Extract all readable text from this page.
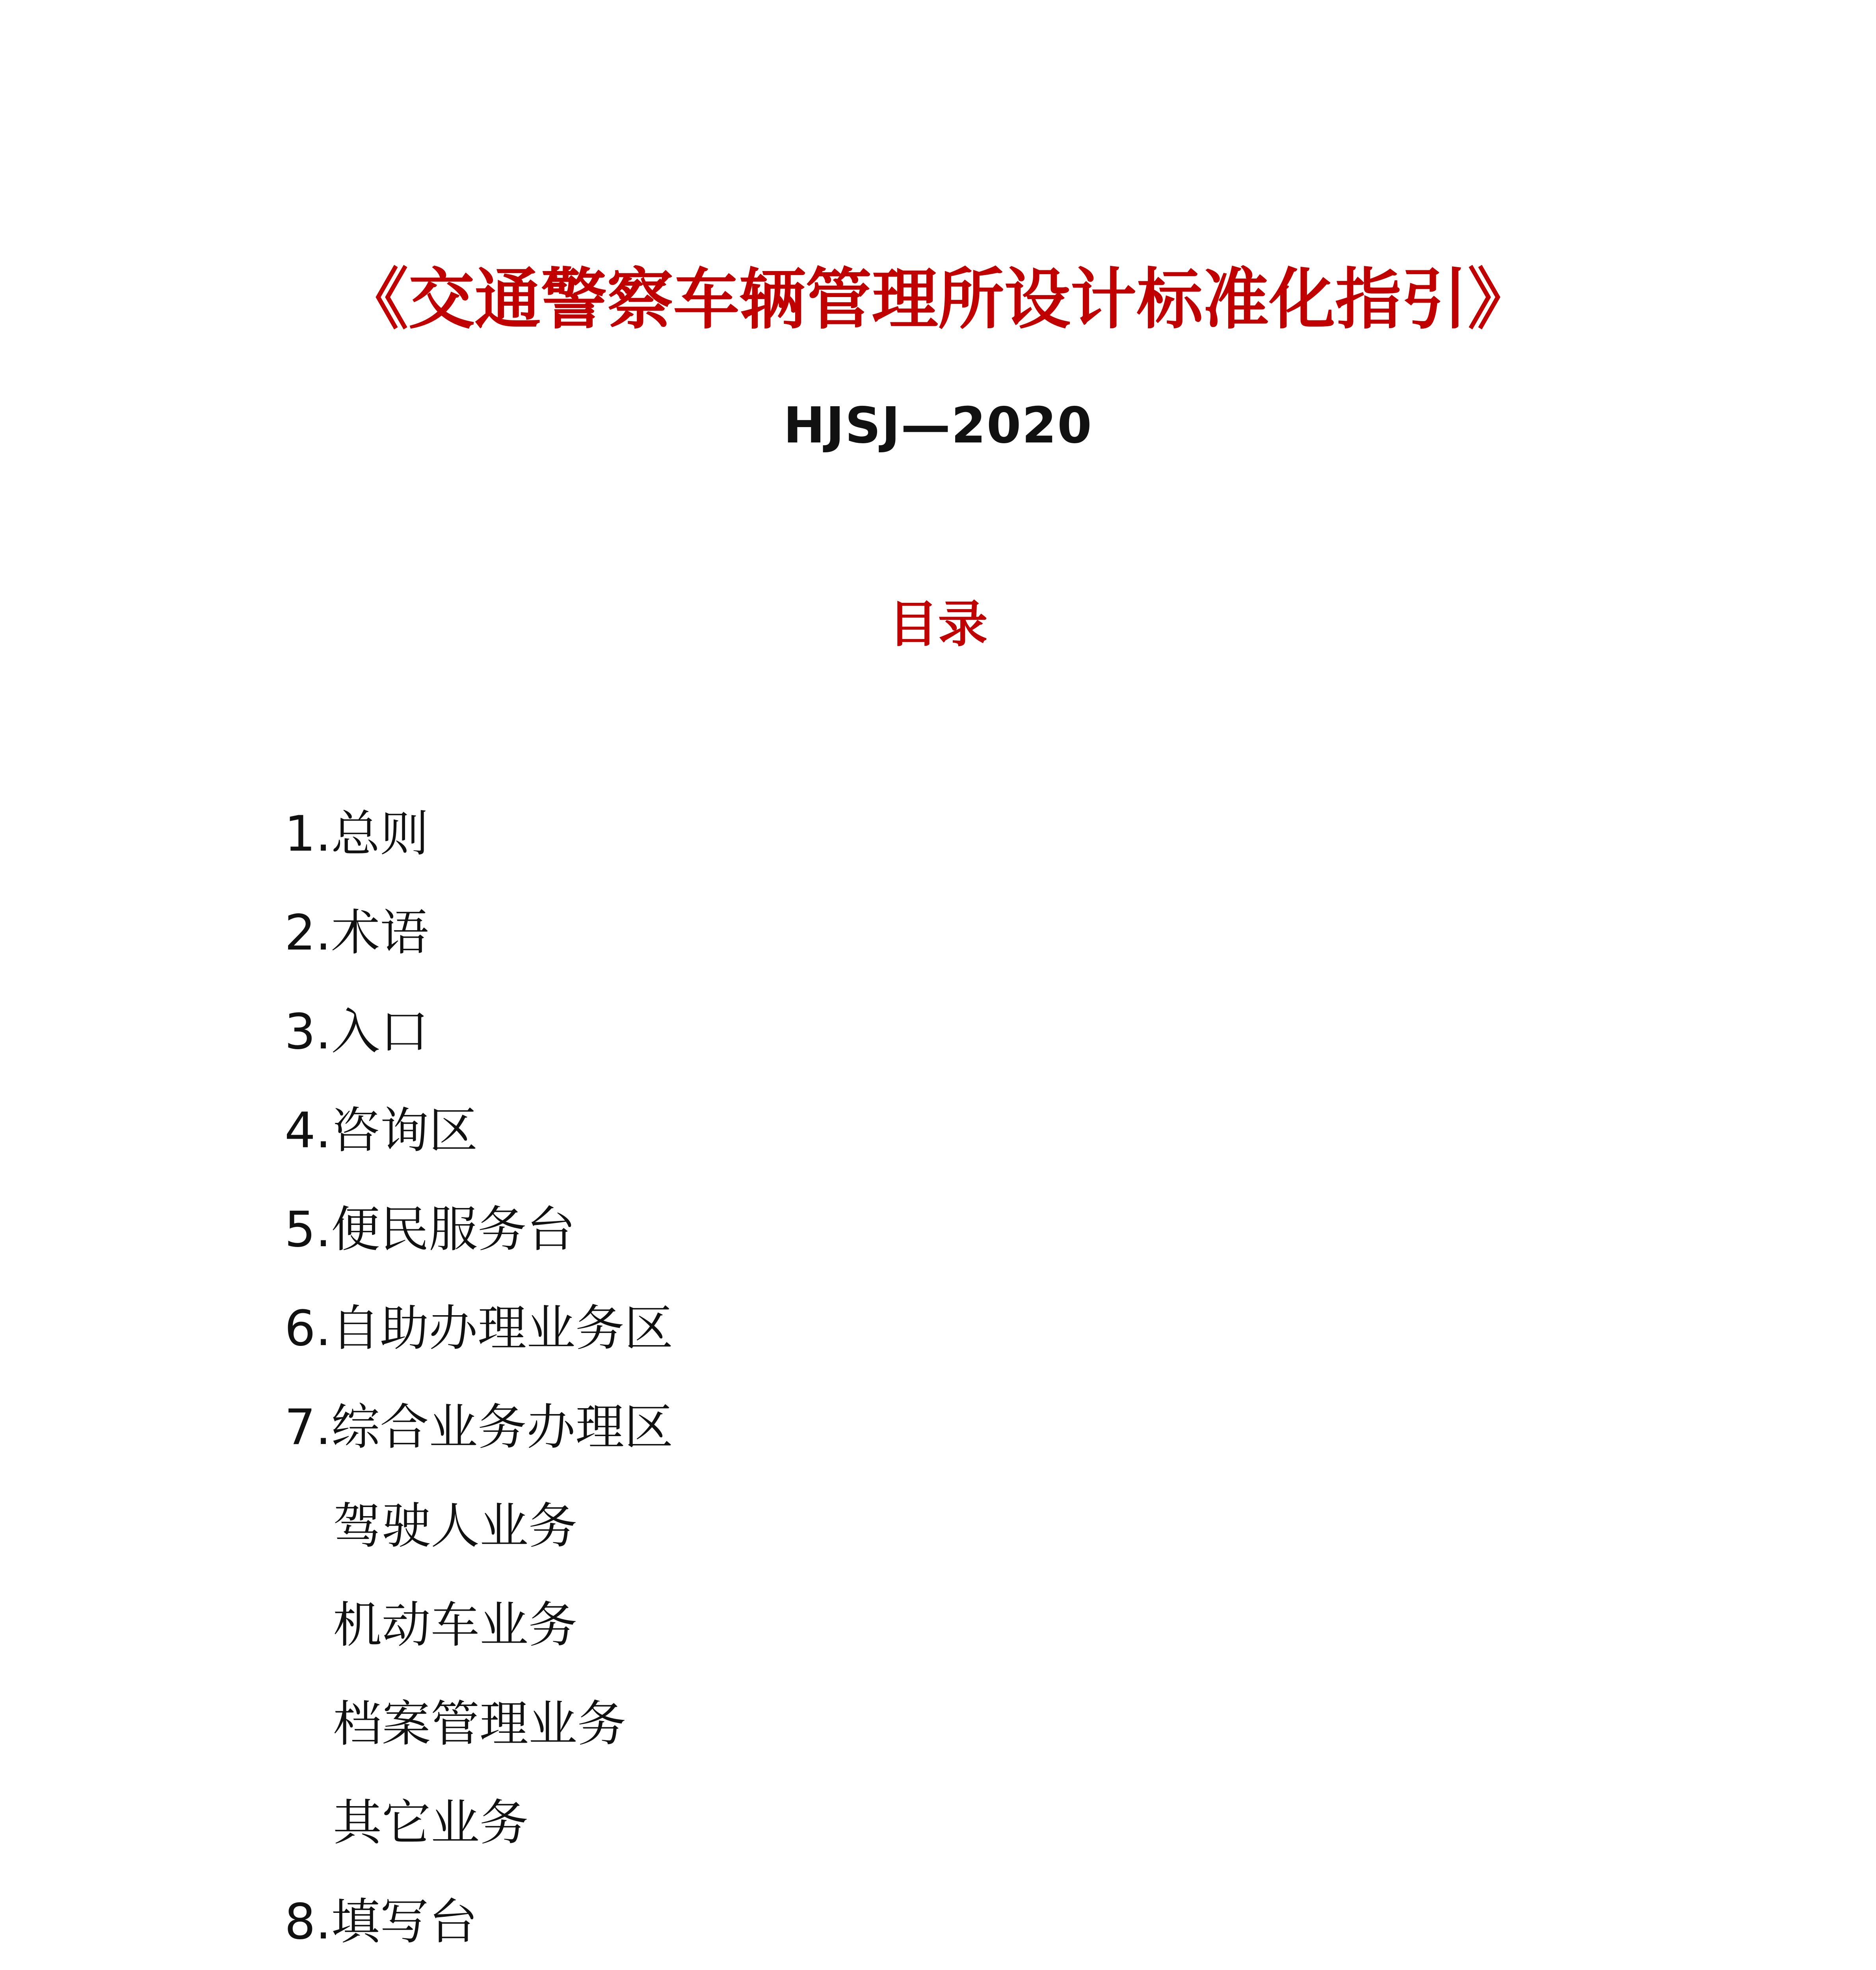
《交通警察车辆管理所设计标准化指引》
HJSJ—2020
目录
1.总则
2.术语
3.入口
4.咨询区
5.便民服务台
6.自助办理业务区
7.综合业务办理区
驾驶人业务
机动车业务
档案管理业务
其它业务
8.填写台
